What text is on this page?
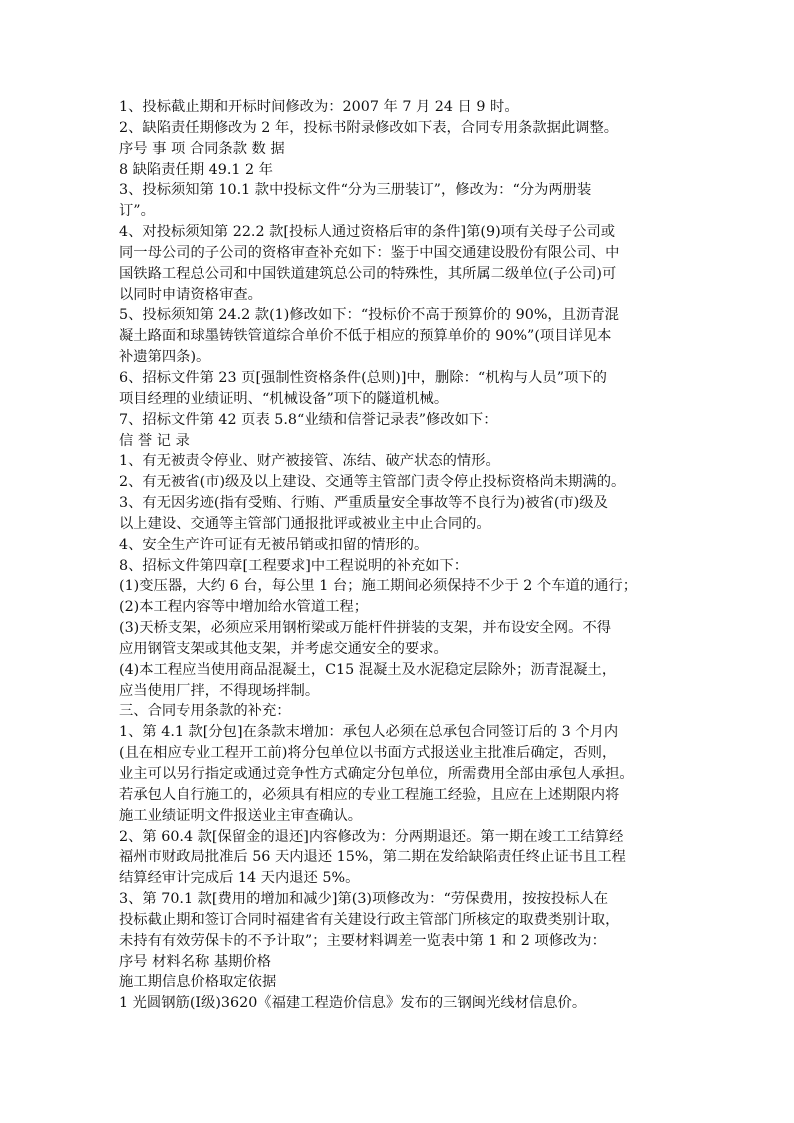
1、投标截止期和开标时间修改为：2007 年 7 月 24 日 9 时。
2、缺陷责任期修改为 2 年，投标书附录修改如下表，合同专用条款据此调整。
序号 事 项 合同条款 数 据
8 缺陷责任期 49.1 2 年
3、投标须知第 10.1 款中投标文件“分为三册装订”，修改为：“分为两册装
订”。
4、对投标须知第 22.2 款[投标人通过资格后审的条件]第(9)项有关母子公司或
同一母公司的子公司的资格审查补充如下：鉴于中国交通建设股份有限公司、中
国铁路工程总公司和中国铁道建筑总公司的特殊性，其所属二级单位(子公司)可
以同时申请资格审查。
5、投标须知第 24.2 款(1)修改如下：“投标价不高于预算价的 90%，且沥青混
凝土路面和球墨铸铁管道综合单价不低于相应的预算单价的 90%”(项目详见本
补遗第四条)。
6、招标文件第 23 页[强制性资格条件(总则)]中，删除：“机构与人员”项下的
项目经理的业绩证明、“机械设备”项下的隧道机械。
7、招标文件第 42 页表 5.8“业绩和信誉记录表”修改如下：
信 誉 记 录
1、有无被责令停业、财产被接管、冻结、破产状态的情形。
2、有无被省(市)级及以上建设、交通等主管部门责令停止投标资格尚未期满的。
3、有无因劣迹(指有受贿、行贿、严重质量安全事故等不良行为)被省(市)级及
以上建设、交通等主管部门通报批评或被业主中止合同的。
4、安全生产许可证有无被吊销或扣留的情形的。
8、招标文件第四章[工程要求]中工程说明的补充如下：
(1)变压器，大约 6 台，每公里 1 台；施工期间必须保持不少于 2 个车道的通行；
(2)本工程内容等中增加给水管道工程；
(3)天桥支架，必须应采用钢桁梁或万能杆件拼装的支架，并布设安全网。不得
应用钢管支架或其他支架，并考虑交通安全的要求。
(4)本工程应当使用商品混凝土，C15 混凝土及水泥稳定层除外；沥青混凝土，
应当使用厂拌，不得现场拌制。
三、合同专用条款的补充：
1、第 4.1 款[分包]在条款末增加：承包人必须在总承包合同签订后的 3 个月内
(且在相应专业工程开工前)将分包单位以书面方式报送业主批准后确定，否则，
业主可以另行指定或通过竞争性方式确定分包单位，所需费用全部由承包人承担。
若承包人自行施工的，必须具有相应的专业工程施工经验，且应在上述期限内将
施工业绩证明文件报送业主审查确认。
2、第 60.4 款[保留金的退还]内容修改为：分两期退还。第一期在竣工工结算经
福州市财政局批准后 56 天内退还 15%，第二期在发给缺陷责任终止证书且工程
结算经审计完成后 14 天内退还 5%。
3、第 70.1 款[费用的增加和减少]第(3)项修改为：“劳保费用，按按投标人在
投标截止期和签订合同时福建省有关建设行政主管部门所核定的取费类别计取，
未持有有效劳保卡的不予计取”；主要材料调差一览表中第 1 和 2 项修改为：
序号 材料名称 基期价格
施工期信息价格取定依据
1 光圆钢筋(Ⅰ级)3620《福建工程造价信息》发布的三钢闽光线材信息价。
